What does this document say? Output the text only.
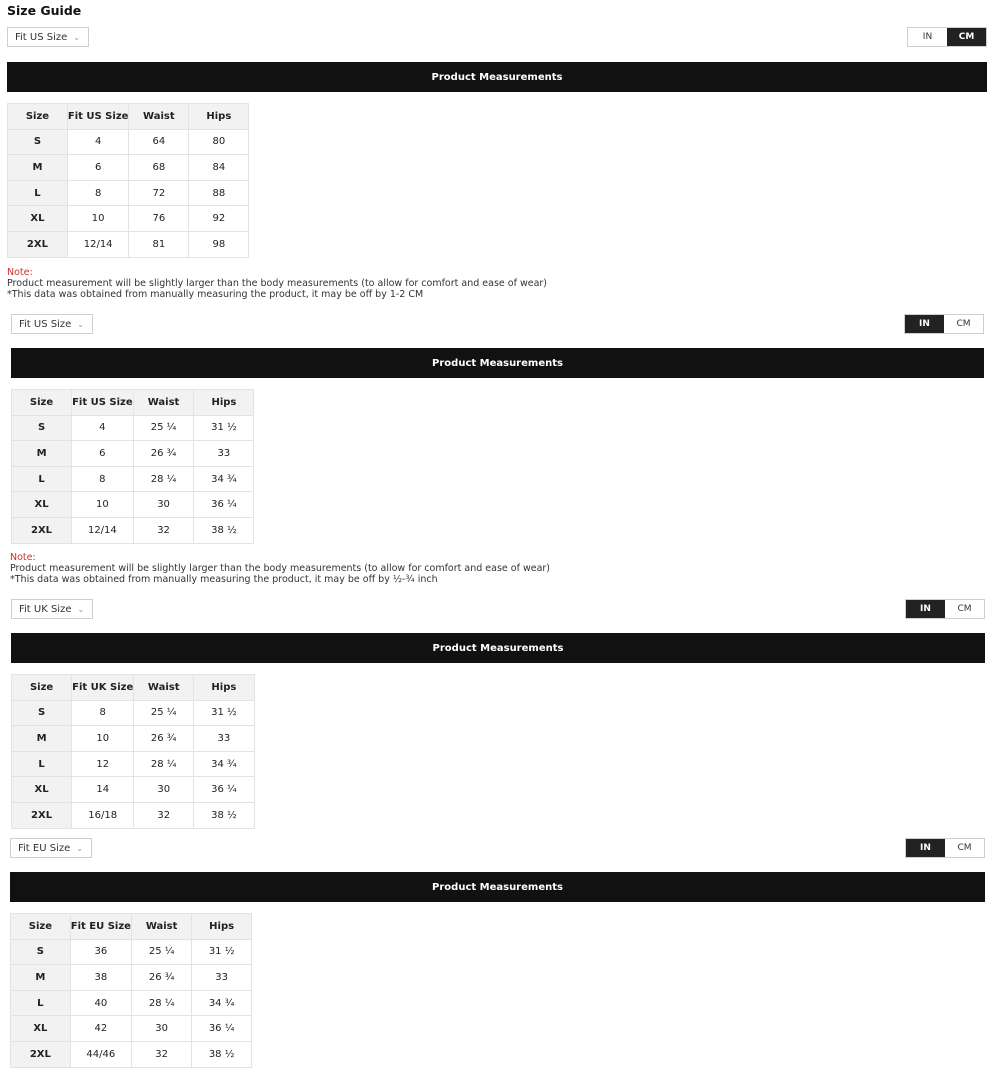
Size Guide
Fit US Size ⌄	IN	CM
Product Measurements
Size	Fit US Size	Waist	Hips
S	4	64	80
M	6	68	84
L	8	72	88
XL	10	76	92
2XL	12/14	81	98
Note:
Product measurement will be slightly larger than the body measurements (to allow for comfort and ease of wear)
*This data was obtained from manually measuring the product, it may be off by 1-2 CM
Fit US Size ⌄	IN	CM
Product Measurements
Size	Fit US Size	Waist	Hips
S	4	25 ¼	31 ½
M	6	26 ¾	33
L	8	28 ¼	34 ¾
XL	10	30	36 ¼
2XL	12/14	32	38 ½
Note:
Product measurement will be slightly larger than the body measurements (to allow for comfort and ease of wear)
*This data was obtained from manually measuring the product, it may be off by ½-¾ inch
Fit UK Size ⌄	IN	CM
Product Measurements
Size	Fit UK Size	Waist	Hips
S	8	25 ¼	31 ½
M	10	26 ¾	33
L	12	28 ¼	34 ¾
XL	14	30	36 ¼
2XL	16/18	32	38 ½
Fit EU Size ⌄	IN	CM
Product Measurements
Size	Fit EU Size	Waist	Hips
S	36	25 ¼	31 ½
M	38	26 ¾	33
L	40	28 ¼	34 ¾
XL	42	30	36 ¼
2XL	44/46	32	38 ½
